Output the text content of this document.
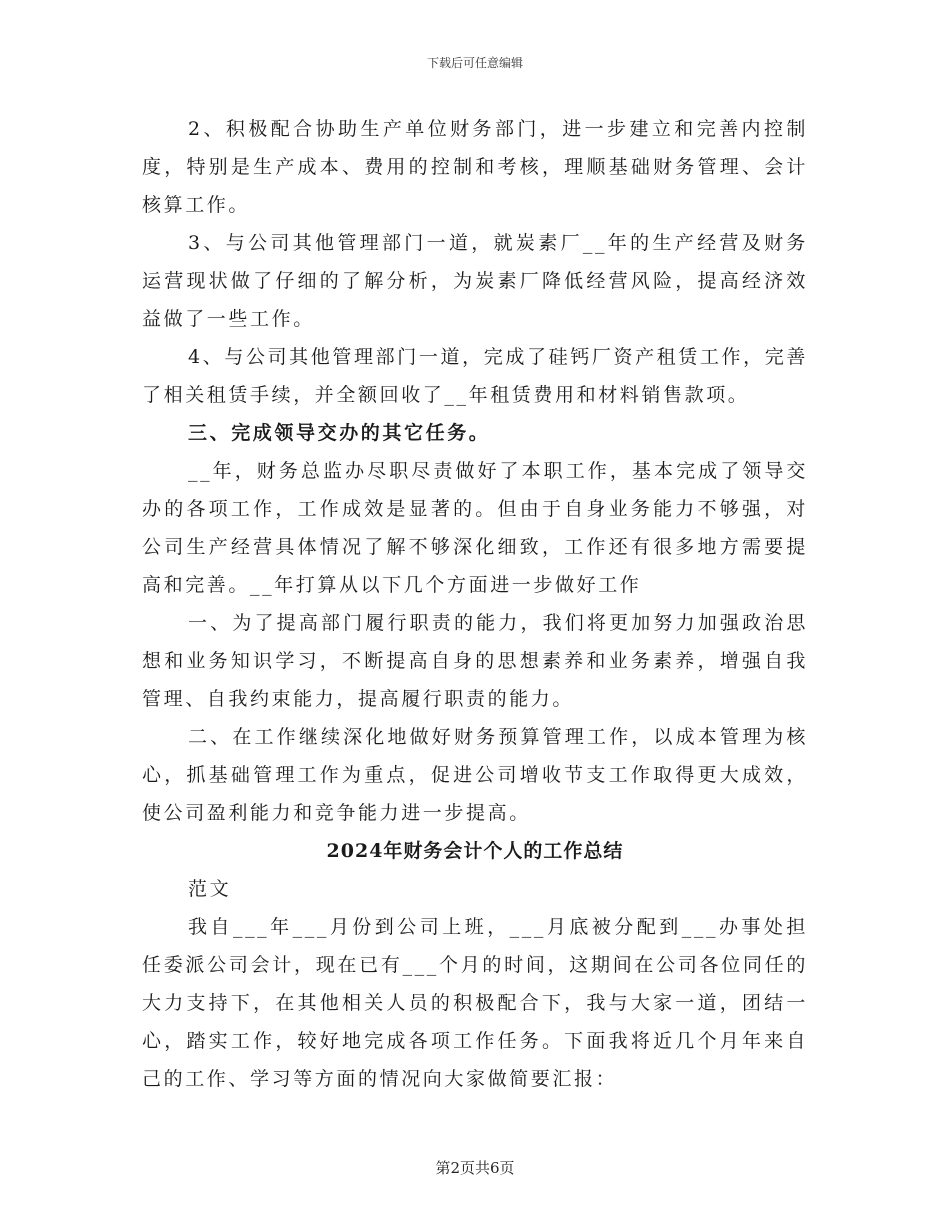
下载后可任意编辑

2、积极配合协助生产单位财务部门，进一步建立和完善内控制度，特别是生产成本、费用的控制和考核，理顺基础财务管理、会计核算工作。

3、与公司其他管理部门一道，就炭素厂__年的生产经营及财务运营现状做了仔细的了解分析，为炭素厂降低经营风险，提高经济效益做了一些工作。

4、与公司其他管理部门一道，完成了硅钙厂资产租赁工作，完善了相关租赁手续，并全额回收了__年租赁费用和材料销售款项。

三、完成领导交办的其它任务。

__年，财务总监办尽职尽责做好了本职工作，基本完成了领导交办的各项工作，工作成效是显著的。但由于自身业务能力不够强，对公司生产经营具体情况了解不够深化细致，工作还有很多地方需要提高和完善。__年打算从以下几个方面进一步做好工作

一、为了提高部门履行职责的能力，我们将更加努力加强政治思想和业务知识学习，不断提高自身的思想素养和业务素养，增强自我管理、自我约束能力，提高履行职责的能力。

二、在工作继续深化地做好财务预算管理工作，以成本管理为核心，抓基础管理工作为重点，促进公司增收节支工作取得更大成效，使公司盈利能力和竞争能力进一步提高。

2024年财务会计个人的工作总结

范文

我自___年___月份到公司上班，___月底被分配到___办事处担任委派公司会计，现在已有___个月的时间，这期间在公司各位同任的大力支持下，在其他相关人员的积极配合下，我与大家一道，团结一心，踏实工作，较好地完成各项工作任务。下面我将近几个月年来自己的工作、学习等方面的情况向大家做简要汇报：

第2页共6页
